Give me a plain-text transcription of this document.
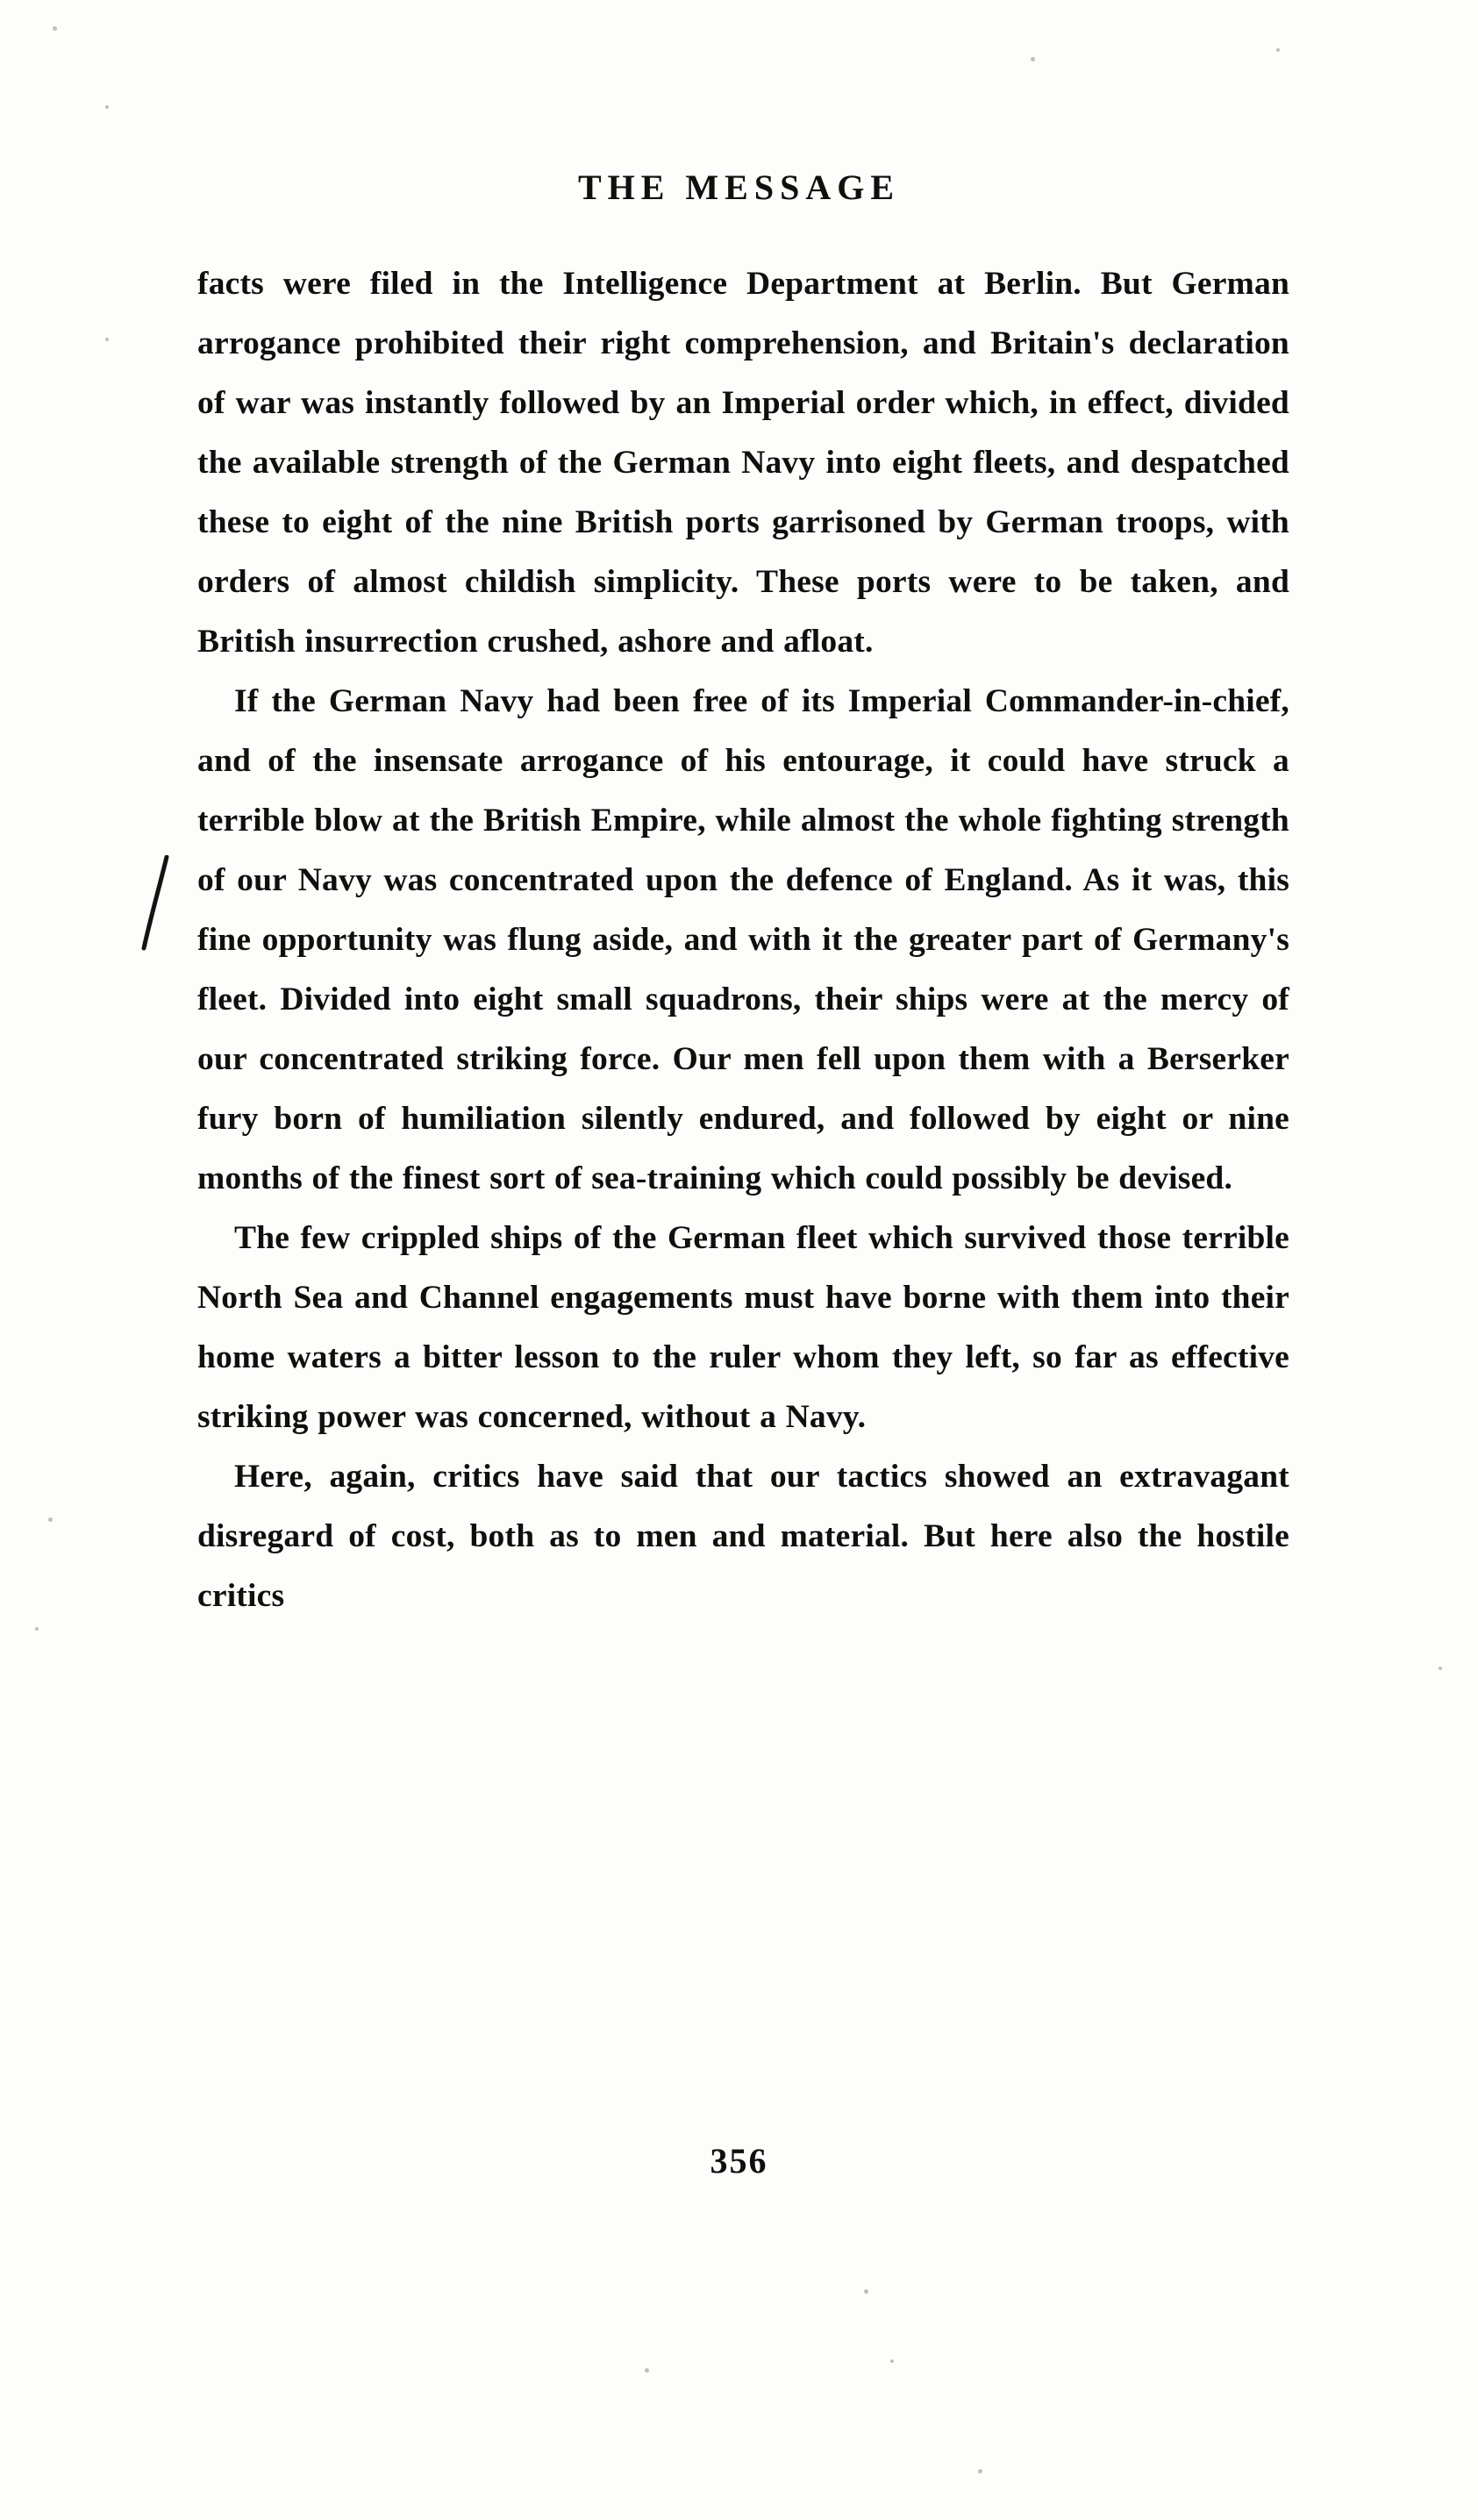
THE MESSAGE

facts were filed in the Intelligence Department at Berlin. But German arrogance prohibited their right comprehension, and Britain's declaration of war was instantly followed by an Imperial order which, in effect, divided the available strength of the German Navy into eight fleets, and despatched these to eight of the nine British ports garrisoned by German troops, with orders of almost childish simplicity. These ports were to be taken, and British insurrection crushed, ashore and afloat.

If the German Navy had been free of its Imperial Commander-in-chief, and of the insensate arrogance of his entourage, it could have struck a terrible blow at the British Empire, while almost the whole fighting strength of our Navy was concentrated upon the defence of England. As it was, this fine opportunity was flung aside, and with it the greater part of Germany's fleet. Divided into eight small squadrons, their ships were at the mercy of our concentrated striking force. Our men fell upon them with a Berserker fury born of humiliation silently endured, and followed by eight or nine months of the finest sort of sea-training which could possibly be devised.

The few crippled ships of the German fleet which survived those terrible North Sea and Channel engagements must have borne with them into their home waters a bitter lesson to the ruler whom they left, so far as effective striking power was concerned, without a Navy.

Here, again, critics have said that our tactics showed an extravagant disregard of cost, both as to men and material. But here also the hostile critics

356
